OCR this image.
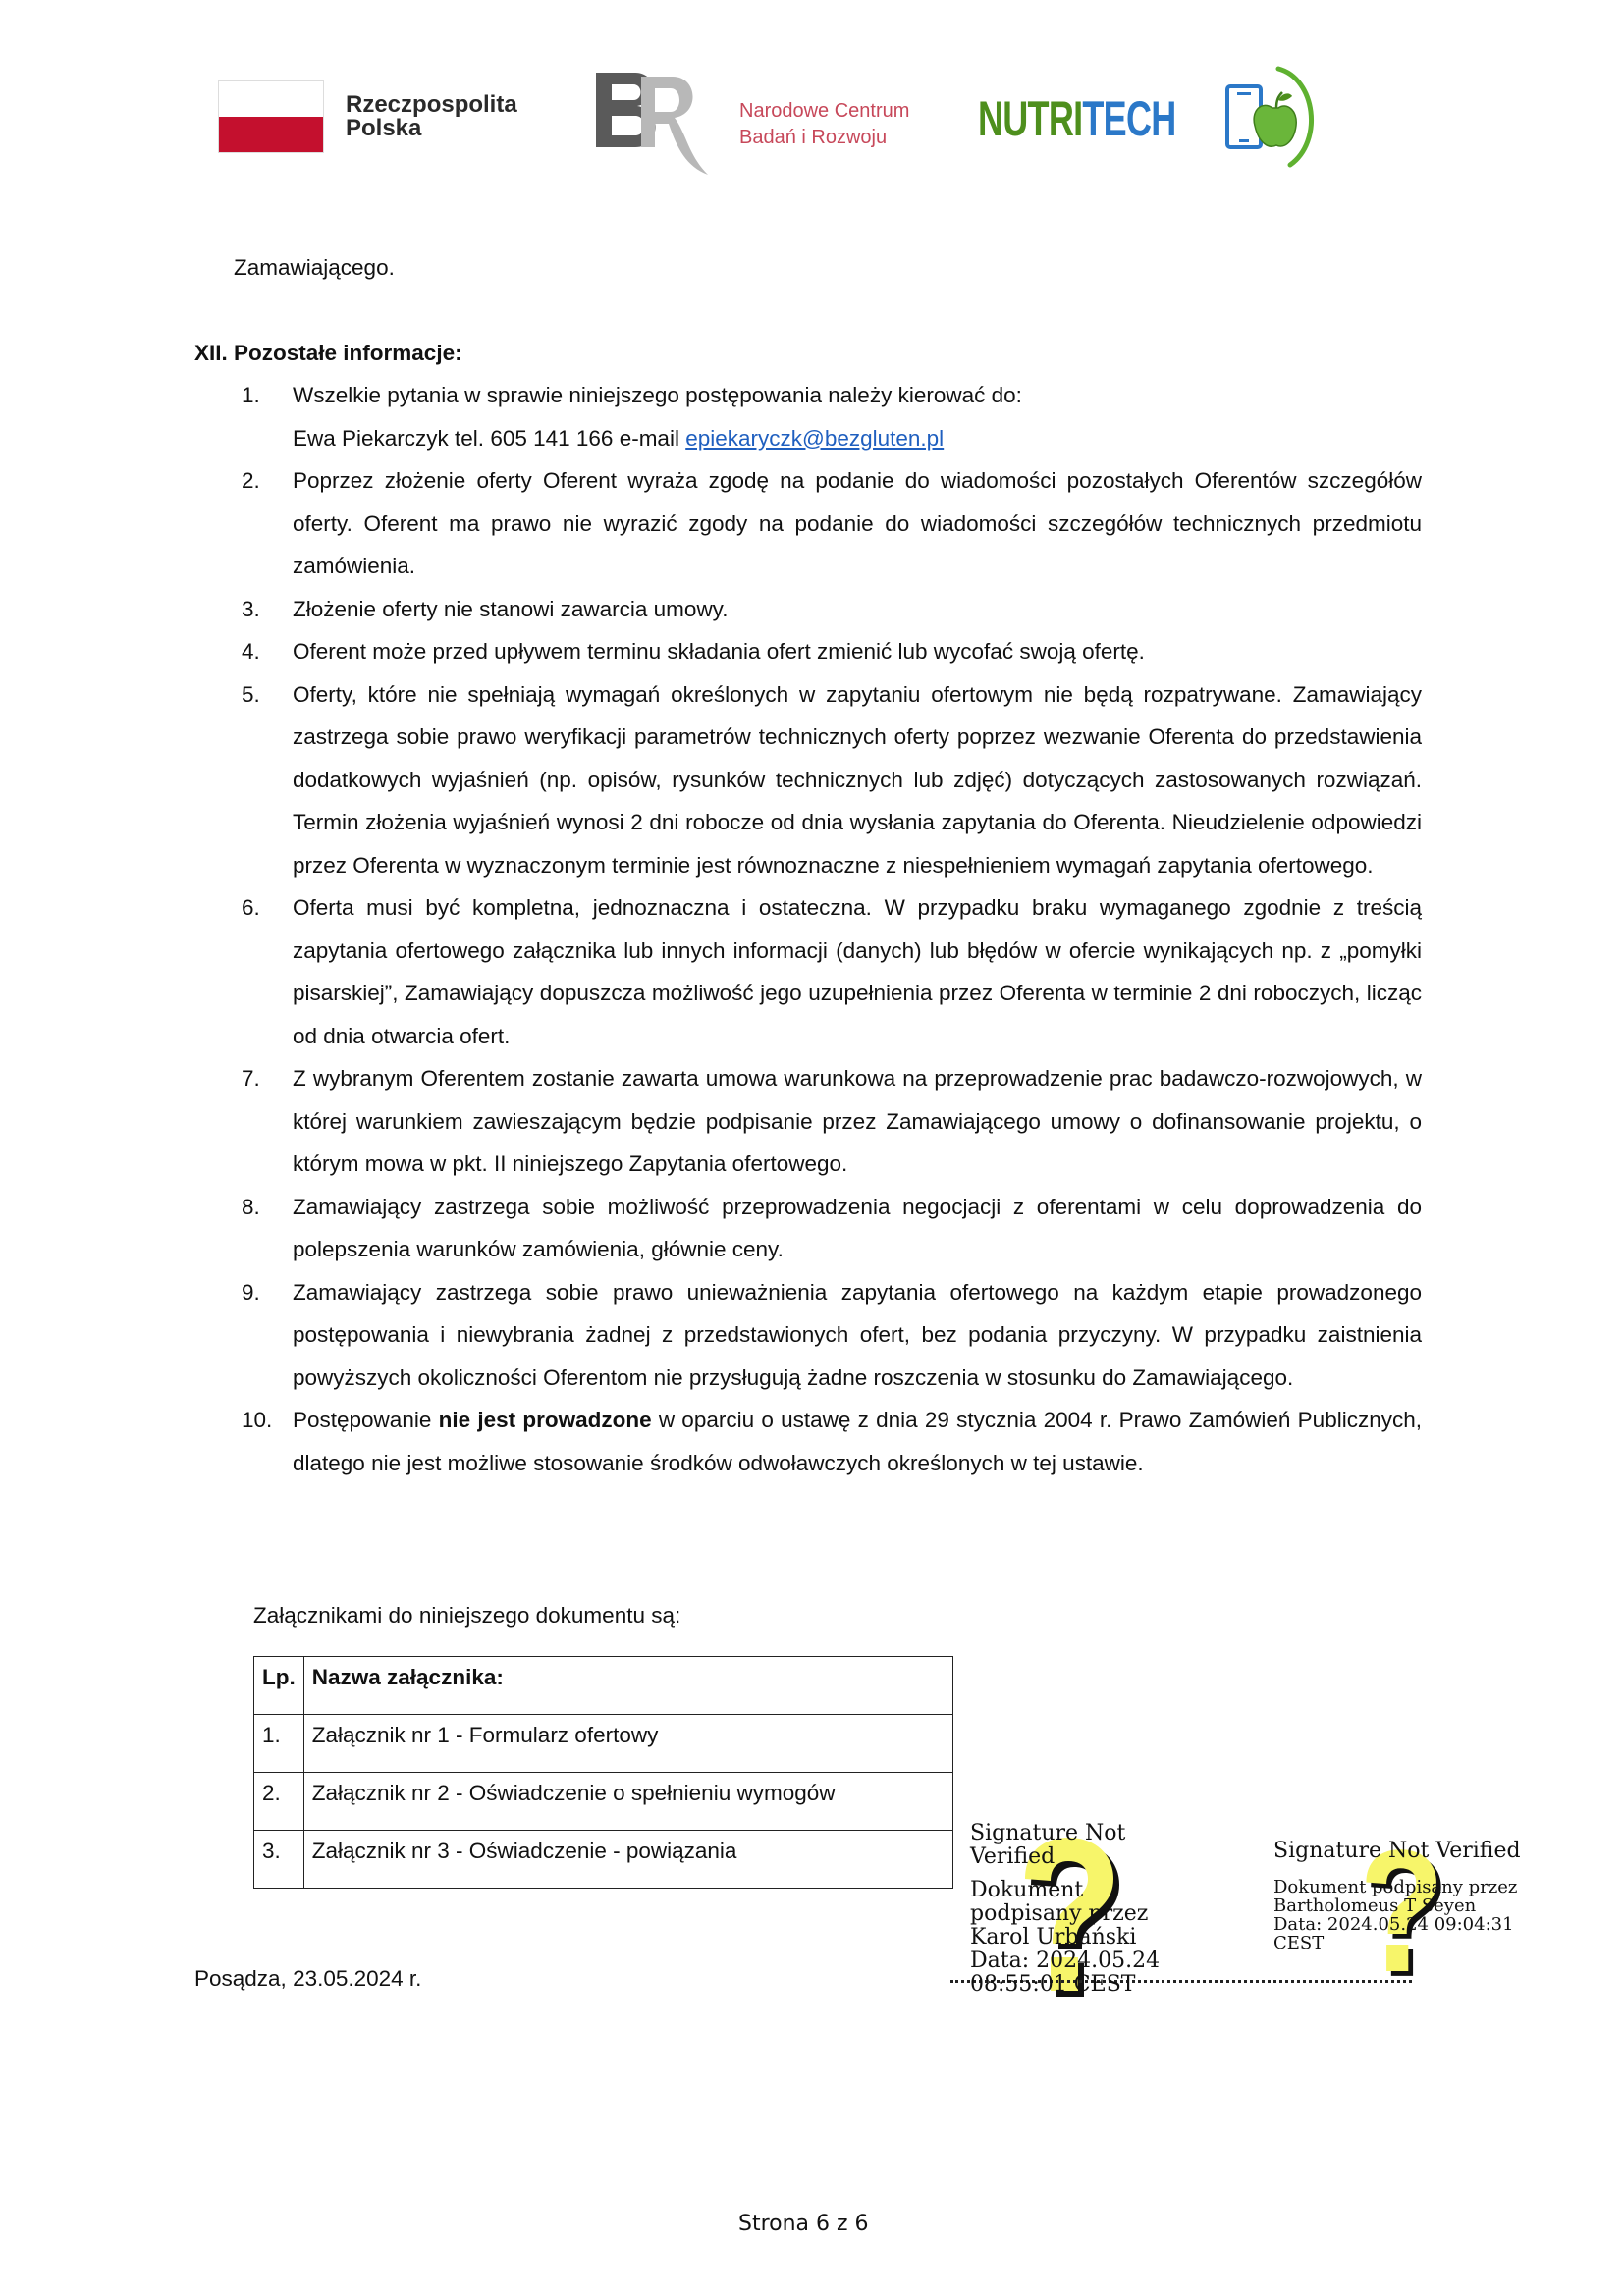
Rzeczpospolita
Polska
Narodowe Centrum
Badań i Rozwoju	NUTRITECH
Zamawiającego.
XII. Pozostałe informacje:
1. Wszelkie pytania w sprawie niniejszego postępowania należy kierować do:
Ewa Piekarczyk tel. 605 141 166 e-mail epiekaryczk@bezgluten.pl
2. Poprzez złożenie oferty Oferent wyraża zgodę na podanie do wiadomości pozostałych Oferentów szczegółów oferty. Oferent ma prawo nie wyrazić zgody na podanie do wiadomości szczegółów technicznych przedmiotu zamówienia.
3. Złożenie oferty nie stanowi zawarcia umowy.
4. Oferent może przed upływem terminu składania ofert zmienić lub wycofać swoją ofertę.
5. Oferty, które nie spełniają wymagań określonych w zapytaniu ofertowym nie będą rozpatrywane. Zamawiający zastrzega sobie prawo weryfikacji parametrów technicznych oferty poprzez wezwanie Oferenta do przedstawienia dodatkowych wyjaśnień (np. opisów, rysunków technicznych lub zdjęć) dotyczących zastosowanych rozwiązań. Termin złożenia wyjaśnień wynosi 2 dni robocze od dnia wysłania zapytania do Oferenta. Nieudzielenie odpowiedzi przez Oferenta w wyznaczonym terminie jest równoznaczne z niespełnieniem wymagań zapytania ofertowego.
6. Oferta musi być kompletna, jednoznaczna i ostateczna. W przypadku braku wymaganego zgodnie z treścią zapytania ofertowego załącznika lub innych informacji (danych) lub błędów w ofercie wynikających np. z „pomyłki pisarskiej”, Zamawiający dopuszcza możliwość jego uzupełnienia przez Oferenta w terminie 2 dni roboczych, licząc od dnia otwarcia ofert.
7. Z wybranym Oferentem zostanie zawarta umowa warunkowa na przeprowadzenie prac badawczo-rozwojowych, w której warunkiem zawieszającym będzie podpisanie przez Zamawiającego umowy o dofinansowanie projektu, o którym mowa w pkt. II niniejszego Zapytania ofertowego.
8. Zamawiający zastrzega sobie możliwość przeprowadzenia negocjacji z oferentami w celu doprowadzenia do polepszenia warunków zamówienia, głównie ceny.
9. Zamawiający zastrzega sobie prawo unieważnienia zapytania ofertowego na każdym etapie prowadzonego postępowania i niewybrania żadnej z przedstawionych ofert, bez podania przyczyny. W przypadku zaistnienia powyższych okoliczności Oferentom nie przysługują żadne roszczenia w stosunku do Zamawiającego.
10. Postępowanie nie jest prowadzone w oparciu o ustawę z dnia 29 stycznia 2004 r. Prawo Zamówień Publicznych, dlatego nie jest możliwe stosowanie środków odwoławczych określonych w tej ustawie.
Załącznikami do niniejszego dokumentu są:
Lp.	Nazwa załącznika:
1.	Załącznik nr 1 - Formularz ofertowy
2.	Załącznik nr 2 - Oświadczenie o spełnieniu wymogów
3.	Załącznik nr 3 - Oświadczenie - powiązania
Posądza, 23.05.2024 r.
Signature Not Verified
Dokument
podpisany przez
Karol Urbański
Data: 2024.05.24
08:55:01 CEST
Signature Not Verified
Dokument podpisany przez
Bartholomeus T Seyen
Data: 2024.05.24 09:04:31
CEST
Strona 6 z 6
